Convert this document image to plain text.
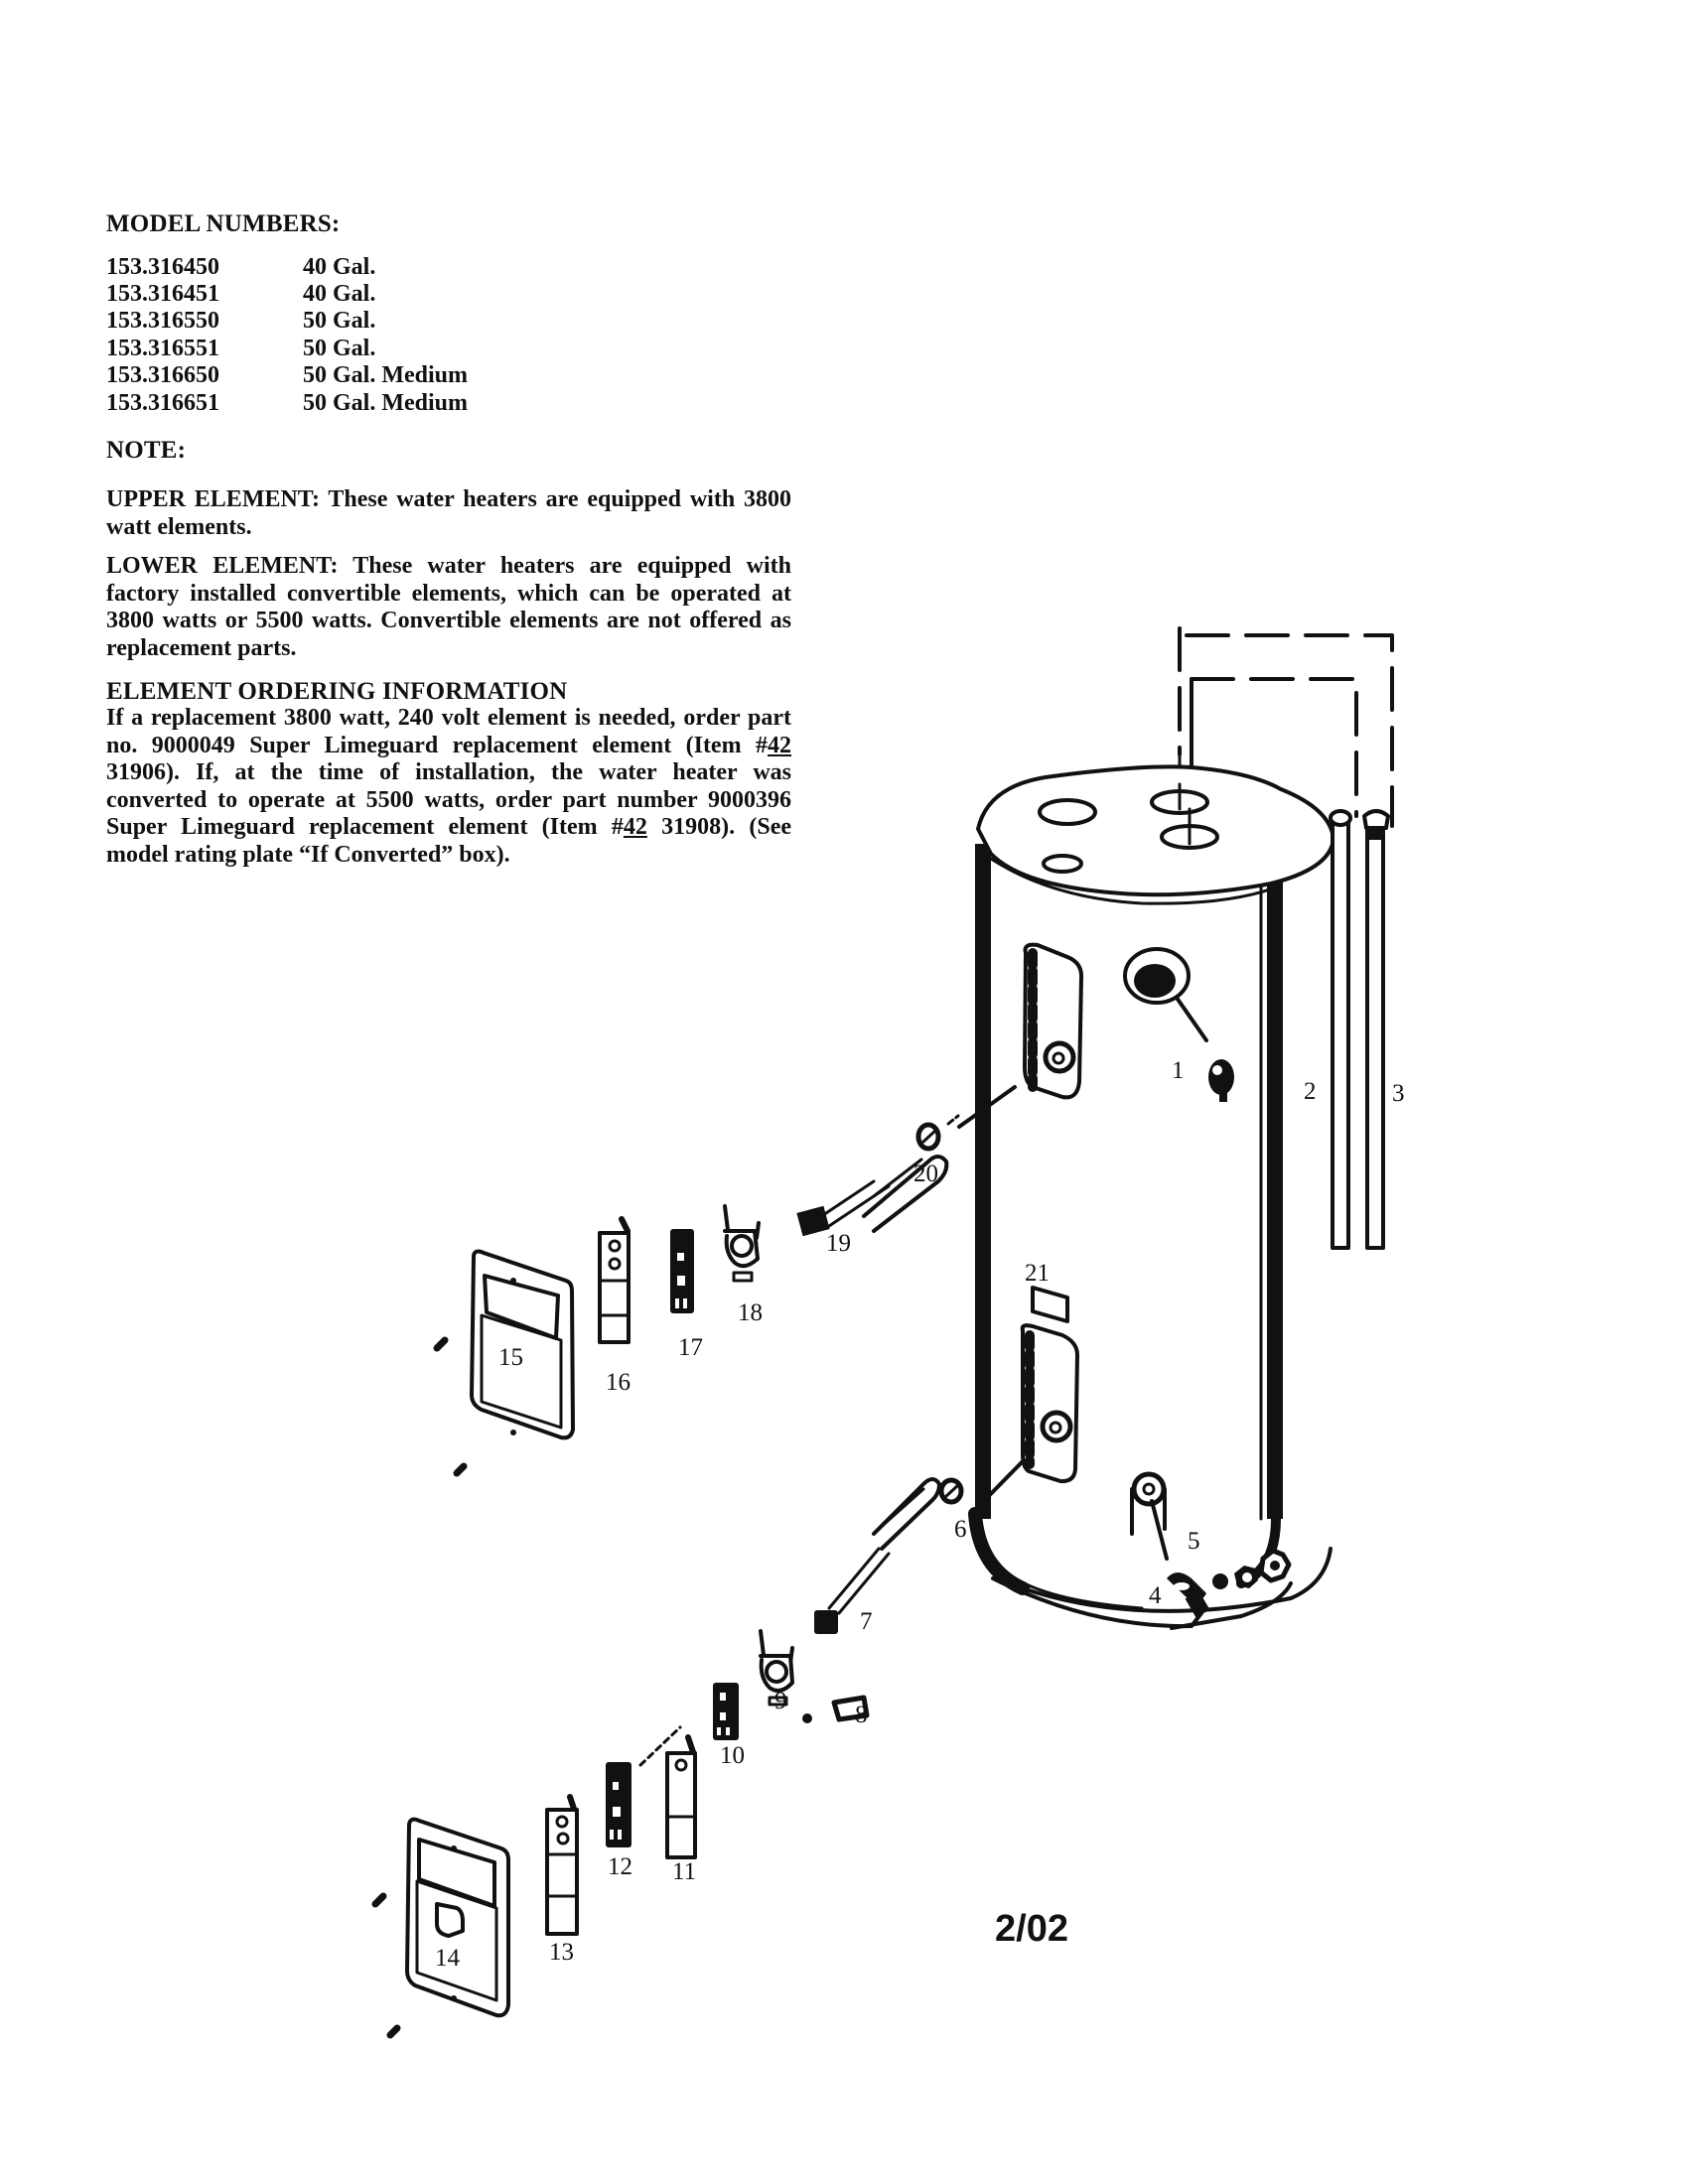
MODEL NUMBERS:
153.316450	40 Gal.
153.316451	40 Gal.
153.316550	50 Gal.
153.316551	50 Gal.
153.316650	50 Gal. Medium
153.316651	50 Gal. Medium
NOTE:
UPPER ELEMENT: These water heaters are equipped with 3800 watt elements.
LOWER ELEMENT: These water heaters are equipped with factory installed convertible elements, which can be operated at 3800 watts or 5500 watts. Convertible elements are not offered as replacement parts.
ELEMENT ORDERING INFORMATION
If a replacement 3800 watt, 240 volt element is needed, order part no. 9000049 Super Limeguard replacement element (Item #42 31906). If, at the time of installation, the water heater was converted to operate at 5500 watts, order part number 9000396 Super Limeguard replacement element (Item #42 31908). (See model rating plate “If Converted” box).
2/02
1
2	3
4
5
6
7
8
9
10
11
12
13
14
15
16
17
18
19
20
21
